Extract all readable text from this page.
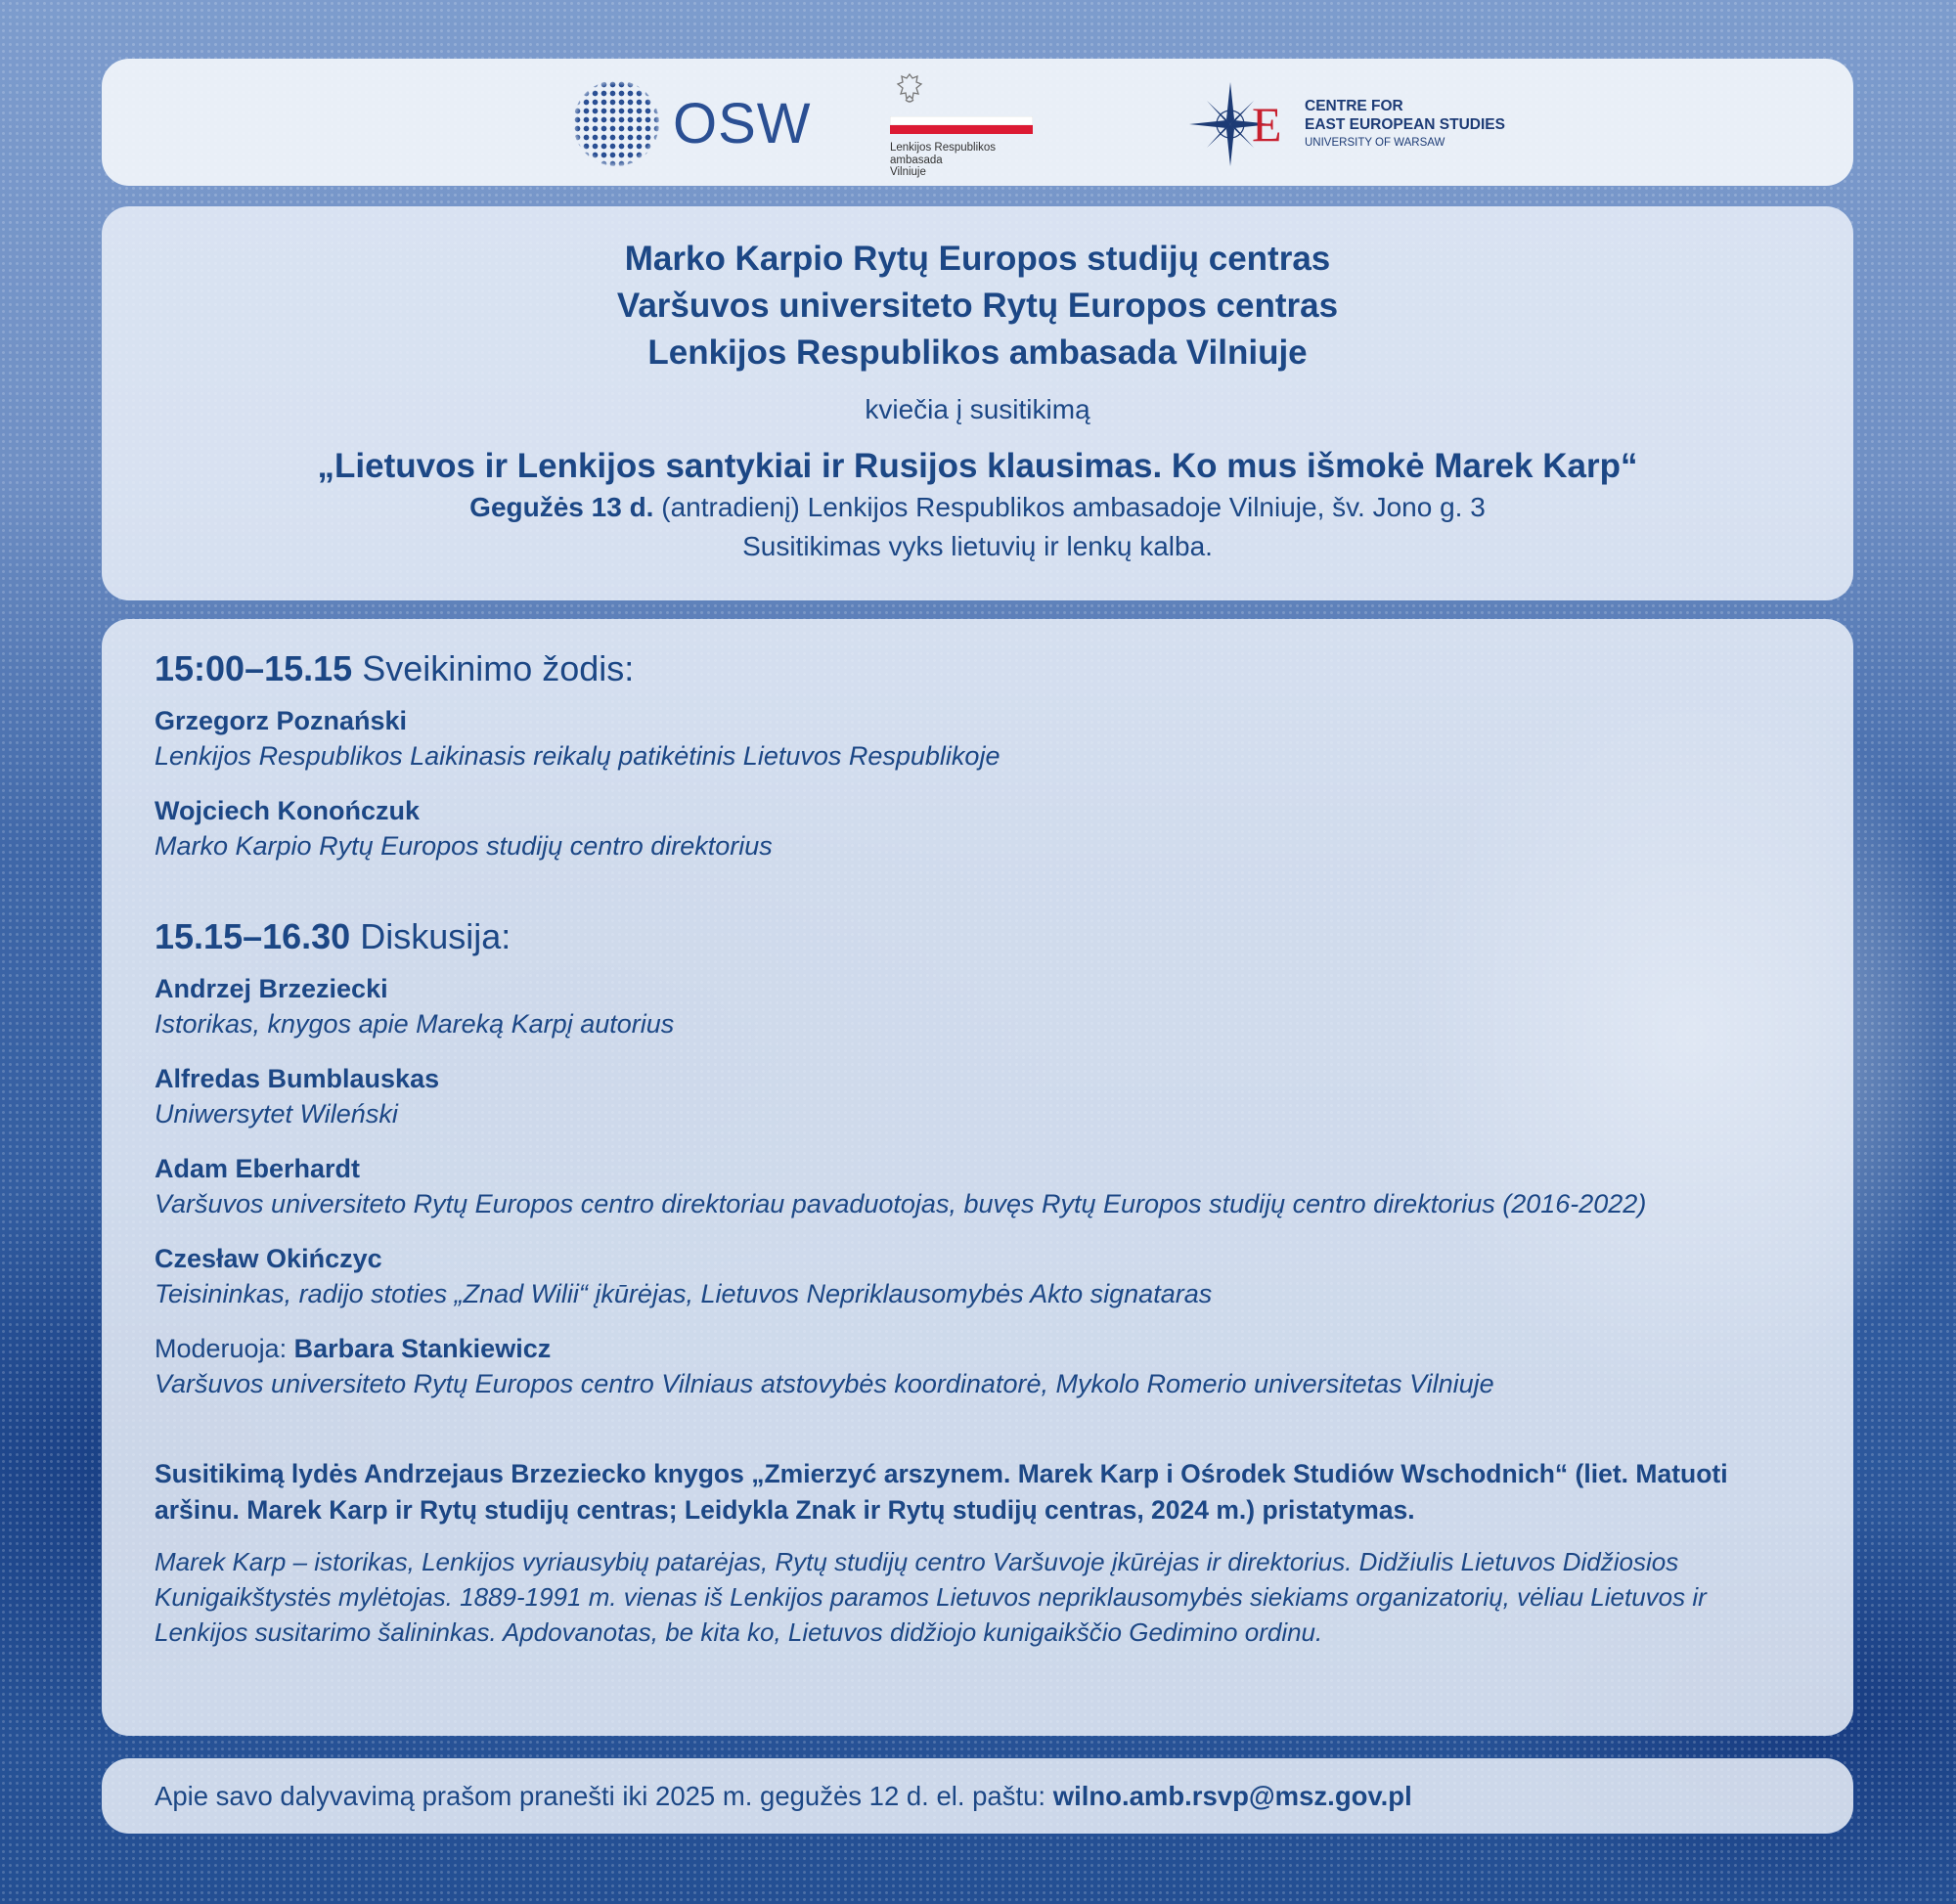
OSW
	Lenkijos Respublikos
ambasada
Vilniuje
E CENTRE FOR
EAST EUROPEAN STUDIES
UNIVERSITY OF WARSAW
Marko Karpio Rytų Europos studijų centras
Varšuvos universiteto Rytų Europos centras
Lenkijos Respublikos ambasada Vilniuje
kviečia į susitikimą
„Lietuvos ir Lenkijos santykiai ir Rusijos klausimas. Ko mus išmokė Marek Karp“
Gegužės 13 d. (antradienį) Lenkijos Respublikos ambasadoje Vilniuje, šv. Jono g. 3
Susitikimas vyks lietuvių ir lenkų kalba.
15:00–15.15 Sveikinimo žodis:
Grzegorz Poznański
Lenkijos Respublikos Laikinasis reikalų patikėtinis Lietuvos Respublikoje
Wojciech Konończuk
Marko Karpio Rytų Europos studijų centro direktorius
15.15–16.30 Diskusija:
Andrzej Brzeziecki
Istorikas, knygos apie Mareką Karpį autorius
Alfredas Bumblauskas
Uniwersytet Wileński
Adam Eberhardt
Varšuvos universiteto Rytų Europos centro direktoriau pavaduotojas, buvęs Rytų Europos studijų centro direktorius (2016-2022)
Czesław Okińczyc
Teisininkas, radijo stoties „Znad Wilii“ įkūrėjas, Lietuvos Nepriklausomybės Akto signataras
Moderuoja: Barbara Stankiewicz
Varšuvos universiteto Rytų Europos centro Vilniaus atstovybės koordinatorė, Mykolo Romerio universitetas Vilniuje
Susitikimą lydės Andrzejaus Brzeziecko knygos „Zmierzyć arszynem. Marek Karp i Ośrodek Studiów Wschodnich“ (liet. Matuoti aršinu. Marek Karp ir Rytų studijų centras; Leidykla Znak ir Rytų studijų centras, 2024 m.) pristatymas.
Marek Karp – istorikas, Lenkijos vyriausybių patarėjas, Rytų studijų centro Varšuvoje įkūrėjas ir direktorius. Didžiulis Lietuvos Didžiosios Kunigaikštystės mylėtojas. 1889-1991 m. vienas iš Lenkijos paramos Lietuvos nepriklausomybės siekiams organizatorių, vėliau Lietuvos ir Lenkijos susitarimo šalininkas. Apdovanotas, be kita ko, Lietuvos didžiojo kunigaikščio Gedimino ordinu.
Apie savo dalyvavimą prašom pranešti iki 2025 m. gegužės 12 d. el. paštu: wilno.amb.rsvp@msz.gov.pl
